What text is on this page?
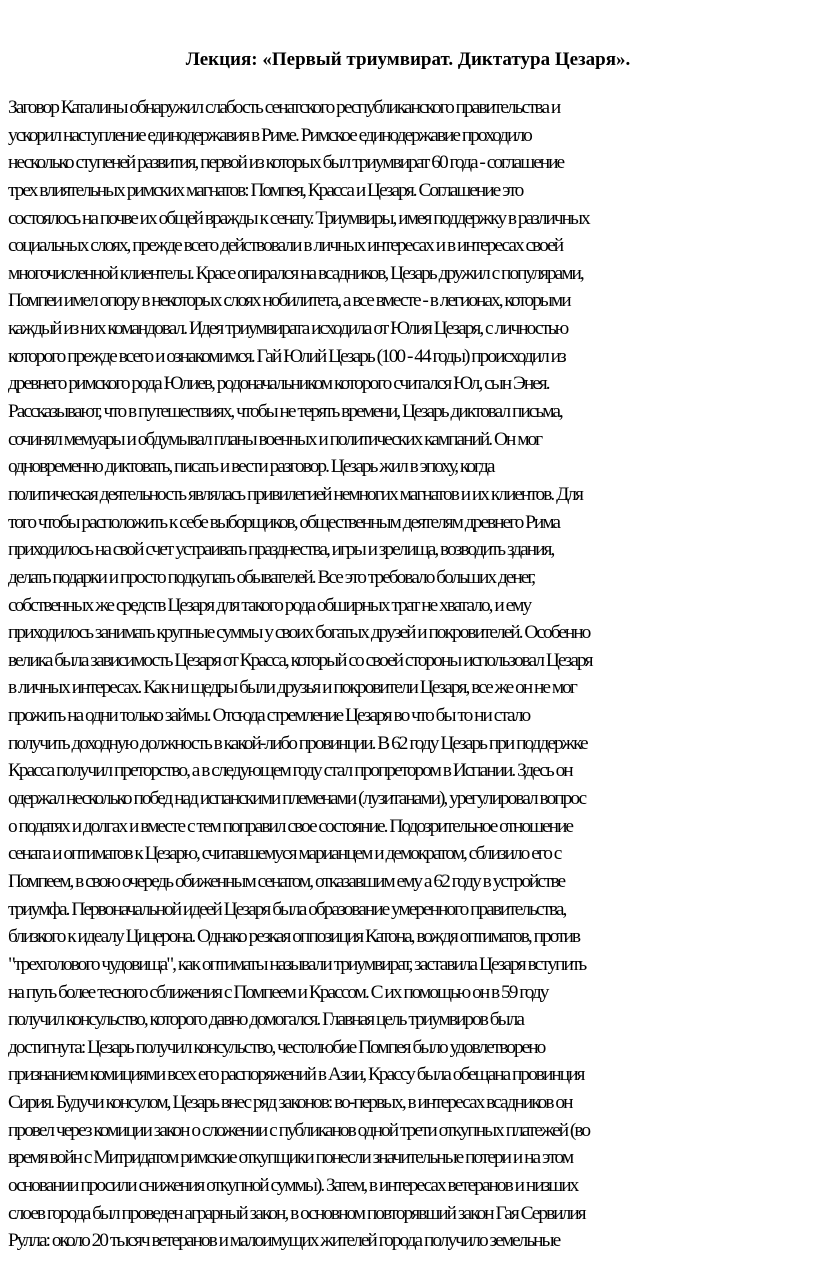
Лекция: «Первый триумвират. Диктатура Цезаря».
Заговор Каталины обнаружил слабость сенатского республиканского правительства и
ускорил наступление единодержавия в Риме. Римское единодержавие проходило
несколько ступеней развития, первой из которых был триумвират 60 года - соглашение
трех влиятельных римских магнатов: Помпея, Красса и Цезаря. Соглашение это
состоялось на почве их общей вражды к сенату. Триумвиры, имея поддержку в различных
социальных слоях, прежде всего действовали в личных интересах и в интересах своей
многочисленной клиентелы. Красе опирался на всадников, Цезарь дружил с популярами,
Помпеи имел опору в некоторых слоях нобилитета, а все вместе - в легионах, которыми
каждый из них командовал. Идея триумвирата исходила от Юлия Цезаря, с личностью
которого прежде всего и ознакомимся. Гай Юлий Цезарь (100 - 44 годы) происходил из
древнего римского рода Юлиев, родоначальником которого считался Юл, сын Энея.
Рассказывают, что в путешествиях, чтобы не терять времени, Цезарь диктовал письма,
сочинял мемуары и обдумывал планы военных и политических кампаний. Он мог
одновременно диктовать, писать и вести разговор. Цезарь жил в эпоху, когда
политическая деятельность являлась привилегией немногих магнатов и их клиентов. Для
того чтобы расположить к себе выборщиков, общественным деятелям древнего Рима
приходилось на свой счет устраивать празднества, игры и зрелища, возводить здания,
делать подарки и просто подкупать обывателей. Все это требовало больших денег,
собственных же средств Цезаря для такого рода обширных трат не хватало, и ему
приходилось занимать крупные суммы у своих богатых друзей и покровителей. Особенно
велика была зависимость Цезаря от Красса, который со своей стороны использовал Цезаря
в личных интересах. Как ни щедры были друзья и покровители Цезаря, все же он не мог
прожить на одни только займы. Отсюда стремление Цезаря во что бы то ни стало
получить доходную должность в какой-либо провинции. В 62 году Цезарь при поддержке
Красса получил преторство, а в следующем году стал пропретором в Испании. Здесь он
одержал несколько побед над испанскими племенами (лузитанами), урегулировал вопрос
о податях и долгах и вместе с тем поправил свое состояние. Подозрительное отношение
сената и оптиматов к Цезарю, считавшемуся марианцем и демократом, сблизило его с
Помпеем, в свою очередь обиженным сенатом, отказавшим ему а 62 году в устройстве
триумфа. Первоначальной идеей Цезаря была образование умеренного правительства,
близкого к идеалу Цицерона. Однако резкая оппозиция Катона, вождя оптиматов, против
"трехголового чудовища", как оптиматы называли триумвират, заставила Цезаря вступить
на путь более тесного сближения с Помпеем и Крассом. С их помощью он в 59 году
получил консульство, которого давно домогался. Главная цель триумвиров была
достигнута: Цезарь получил консульство, честолюбие Помпея было удовлетворено
признанием комициями всех его распоряжений в Азии, Крассу была обещана провинция
Сирия. Будучи консулом, Цезарь внес ряд законов: во-первых, в интересах всадников он
провел через комиции закон о сложении с публиканов одной трети откупных платежей (во
время войн с Митридатом римские откупщики понесли значительные потери и на этом
основании просили снижения откупной суммы). Затем, в интересах ветеранов и низших
слоев города был проведен аграрный закон, в основном повторявший закон Гая Сервилия
Рулла: около 20 тысяч ветеранов и малоимущих жителей города получило земельные
